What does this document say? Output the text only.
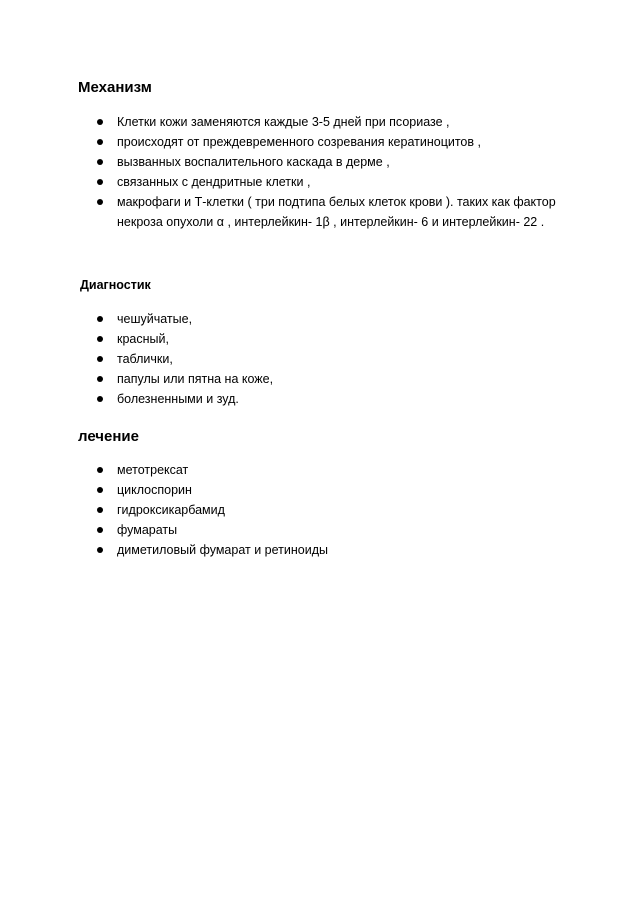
Механизм
Клетки кожи заменяются каждые 3-5 дней при псориазе ,
происходят от преждевременного созревания кератиноцитов ,
вызванных воспалительного каскада в дерме ,
связанных с дендритные клетки ,
макрофаги и Т-клетки ( три подтипа белых клеток крови ). таких как фактор некроза опухоли α , интерлейкин- 1β , интерлейкин- 6 и интерлейкин- 22 .
Диагностик
чешуйчатые,
красный,
таблички,
папулы или пятна на коже,
болезненными и зуд.
лечение
метотрексат
циклоспорин
гидроксикарбамид
фумараты
диметиловый фумарат и ретиноиды
